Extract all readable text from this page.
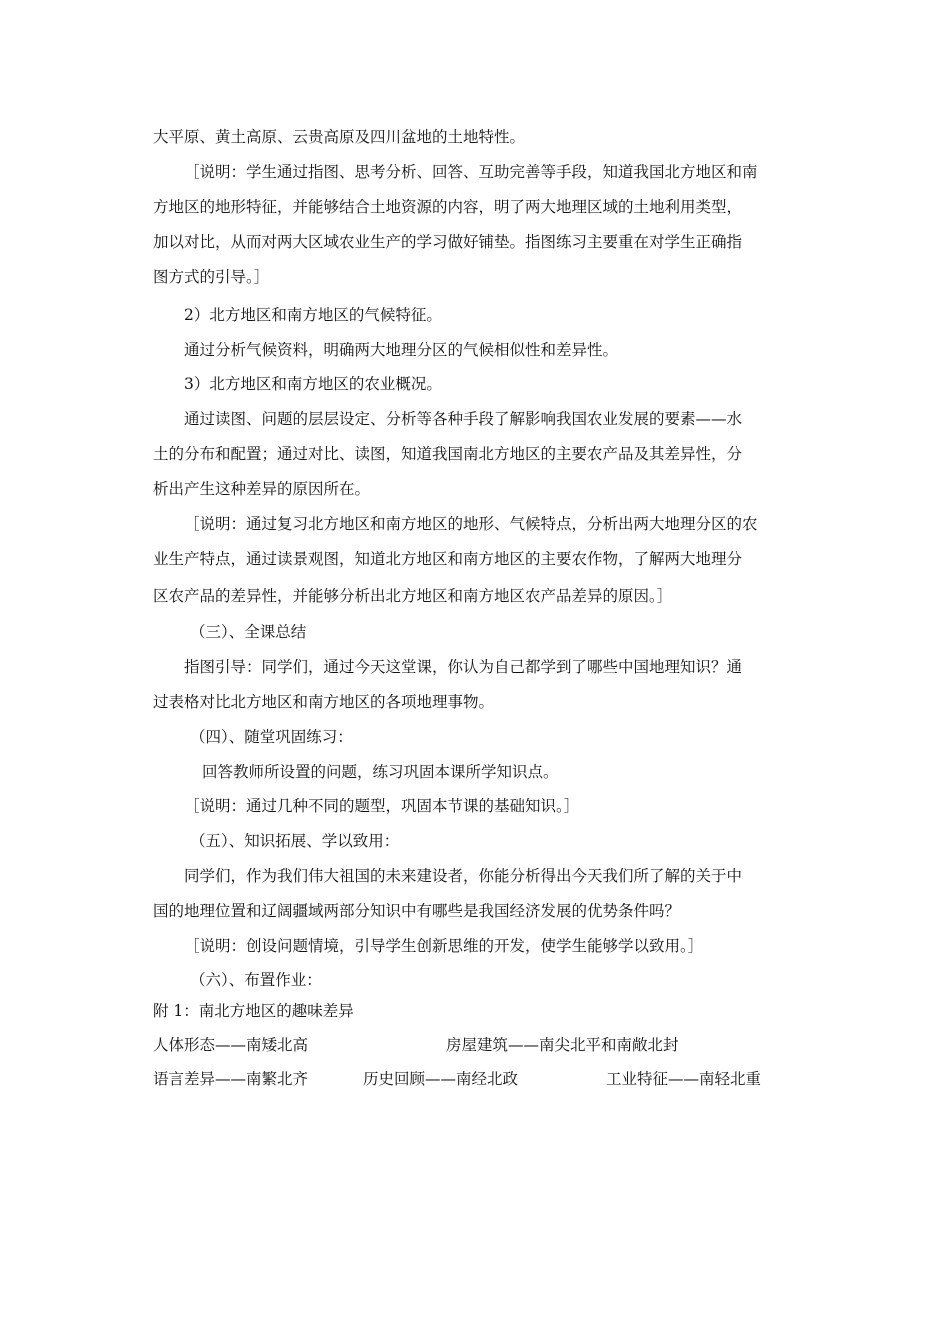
大平原、黄土高原、云贵高原及四川盆地的土地特性。
［说明：学生通过指图、思考分析、回答、互助完善等手段，知道我国北方地区和南
方地区的地形特征，并能够结合土地资源的内容，明了两大地理区域的土地利用类型，
加以对比，从而对两大区域农业生产的学习做好铺垫。指图练习主要重在对学生正确指
图方式的引导。］
2）北方地区和南方地区的气候特征。
通过分析气候资料，明确两大地理分区的气候相似性和差异性。
3）北方地区和南方地区的农业概况。
通过读图、问题的层层设定、分析等各种手段了解影响我国农业发展的要素——水
土的分布和配置；通过对比、读图，知道我国南北方地区的主要农产品及其差异性，分
析出产生这种差异的原因所在。
［说明：通过复习北方地区和南方地区的地形、气候特点，分析出两大地理分区的农
业生产特点，通过读景观图，知道北方地区和南方地区的主要农作物，了解两大地理分
区农产品的差异性，并能够分析出北方地区和南方地区农产品差异的原因。］
（三）、全课总结
指图引导：同学们，通过今天这堂课，你认为自己都学到了哪些中国地理知识？通
过表格对比北方地区和南方地区的各项地理事物。
（四）、随堂巩固练习：
回答教师所设置的问题，练习巩固本课所学知识点。
［说明：通过几种不同的题型，巩固本节课的基础知识。］
（五）、知识拓展、学以致用：
同学们，作为我们伟大祖国的未来建设者，你能分析得出今天我们所了解的关于中
国的地理位置和辽阔疆域两部分知识中有哪些是我国经济发展的优势条件吗？
［说明：创设问题情境，引导学生创新思维的开发，使学生能够学以致用。］
（六）、布置作业：
附 1：南北方地区的趣味差异
人体形态——南矮北高	房屋建筑——南尖北平和南敞北封
语言差异——南繁北齐	历史回顾——南经北政	工业特征——南轻北重
